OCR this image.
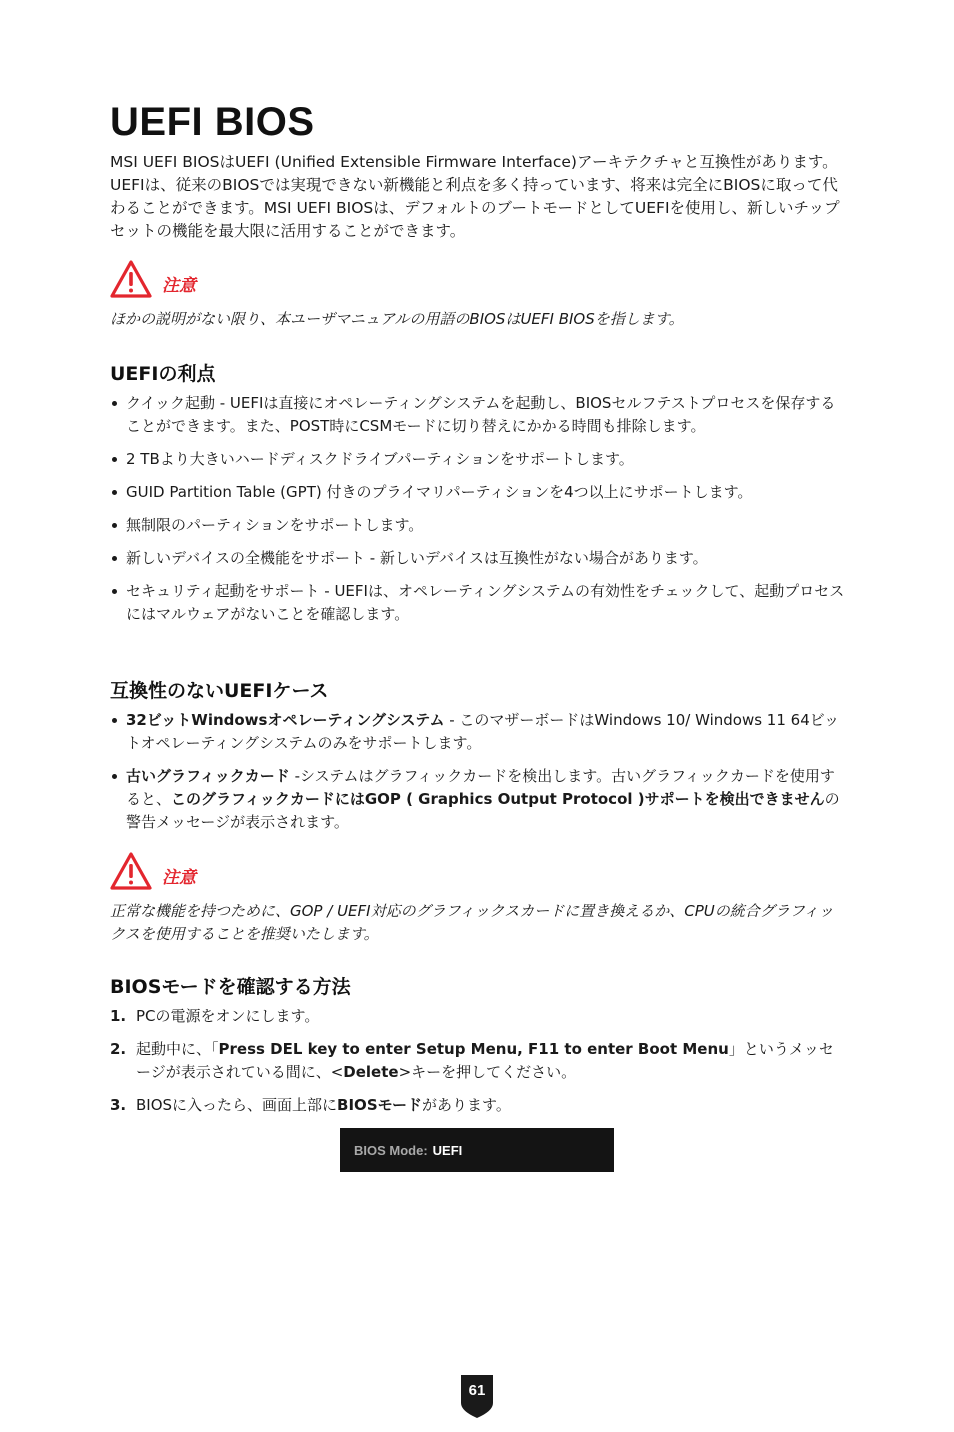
UEFI BIOS

MSI UEFI BIOSはUEFI (Unified Extensible Firmware Interface)アーキテクチャと互換性があります。UEFIは、従来のBIOSでは実現できない新機能と利点を多く持っています、将来は完全にBIOSに取って代わることができます。MSI UEFI BIOSは、デフォルトのブートモードとしてUEFIを使用し、新しいチップセットの機能を最大限に活用することができます。

注意

ほかの説明がない限り、本ユーザマニュアルの用語のBIOSはUEFI BIOSを指します。

UEFIの利点
クイック起動 - UEFIは直接にオペレーティングシステムを起動し、BIOSセルフテストプロセスを保存することができます。また、POST時にCSMモードに切り替えにかかる時間も排除します。
2 TBより大きいハードディスクドライブパーティションをサポートします。
GUID Partition Table (GPT) 付きのプライマリパーティションを4つ以上にサポートします。
無制限のパーティションをサポートします。
新しいデバイスの全機能をサポート - 新しいデバイスは互換性がない場合があります。
セキュリティ起動をサポート - UEFIは、オペレーティングシステムの有効性をチェックして、起動プロセスにはマルウェアがないことを確認します。
互換性のないUEFIケース
32ビットWindowsオペレーティングシステム - このマザーボードはWindows 10/ Windows 11 64ビットオペレーティングシステムのみをサポートします。
古いグラフィックカード -システムはグラフィックカードを検出します。古いグラフィックカードを使用すると、このグラフィックカードにはGOP ( Graphics Output Protocol )サポートを検出できませんの警告メッセージが表示されます。
注意

正常な機能を持つために、GOP / UEFI対応のグラフィックスカードに置き換えるか、CPUの統合グラフィックスを使用することを推奨いたします。

BIOSモードを確認する方法
1. PCの電源をオンにします。
2. 起動中に、「Press DEL key to enter Setup Menu, F11 to enter Boot Menu」というメッセージが表示されている間に、<Delete>キーを押してください。
3. BIOSに入ったら、画面上部にBIOSモードがあります。
BIOS Mode: UEFI
61
